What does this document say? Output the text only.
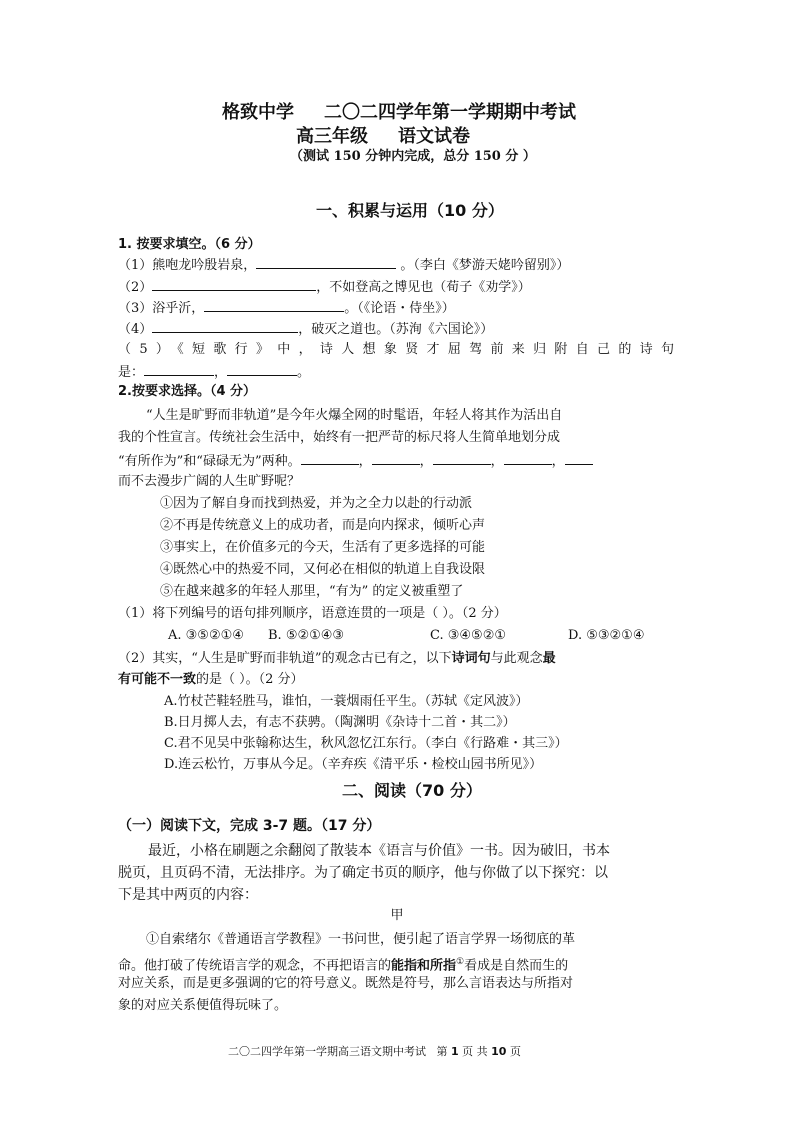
格致中学 二〇二四学年第一学期期中考试
高三年级 语文试卷
（测试 150 分钟内完成，总分 150 分 ）
一、积累与运用（10 分）
1. 按要求填空。（6 分）
（1）熊咆龙吟殷岩泉，	。（李白《梦游天姥吟留别》）
（2）	，不如登高之博见也（荀子《劝学》）
（3）浴乎沂，	。（《论语・侍坐》）
（4）	，破灭之道也。（苏洵《六国论》）
（5）《短歌行》中，诗人想象贤才屈驾前来归附自己的诗句
是：	，	。
2.按要求选择。（4 分）
“人生是旷野而非轨道”是今年火爆全网的时髦语，年轻人将其作为活出自
我的个性宣言。传统社会生活中，始终有一把严苛的标尺将人生简单地划分成
“有所作为”和“碌碌无为”两种。	，	，	，	，
而不去漫步广阔的人生旷野呢？
①因为了解自身而找到热爱，并为之全力以赴的行动派
②不再是传统意义上的成功者，而是向内探求，倾听心声
③事实上，在价值多元的今天，生活有了更多选择的可能
④既然心中的热爱不同，又何必在相似的轨道上自我设限
⑤在越来越多的年轻人那里，“有为” 的定义被重塑了
（1）将下列编号的语句排列顺序，语意连贯的一项是（ ）。（2 分）
A. ③⑤②①④ B. ⑤②①④③	C. ③④⑤②①	D. ⑤③②①④
（2）其实，“人生是旷野而非轨道”的观念古已有之，以下诗词句与此观念最
有可能不一致的是（ ）。（2 分）
A.竹杖芒鞋轻胜马，谁怕，一蓑烟雨任平生。（苏轼《定风波》）
B.日月掷人去，有志不获骋。（陶渊明《杂诗十二首・其二》）
C.君不见吴中张翰称达生，秋风忽忆江东行。（李白《行路难・其三》）
D.连云松竹，万事从今足。（辛弃疾《清平乐・检校山园书所见》）
二、阅读（70 分）
（一）阅读下文，完成 3-7 题。（17 分）
最近，小格在刷题之余翻阅了散装本《语言与价值》一书。因为破旧，书本
脱页，且页码不清，无法排序。为了确定书页的顺序，他与你做了以下探究：以
下是其中两页的内容：
甲
①自索绪尔《普通语言学教程》一书问世，便引起了语言学界一场彻底的革
命。他打破了传统语言学的观念，不再把语言的能指和所指①看成是自然而生的
对应关系，而是更多强调的它的符号意义。既然是符号，那么言语表达与所指对
象的对应关系便值得玩味了。
二〇二四学年第一学期高三语文期中考试 第 1 页 共 10 页
